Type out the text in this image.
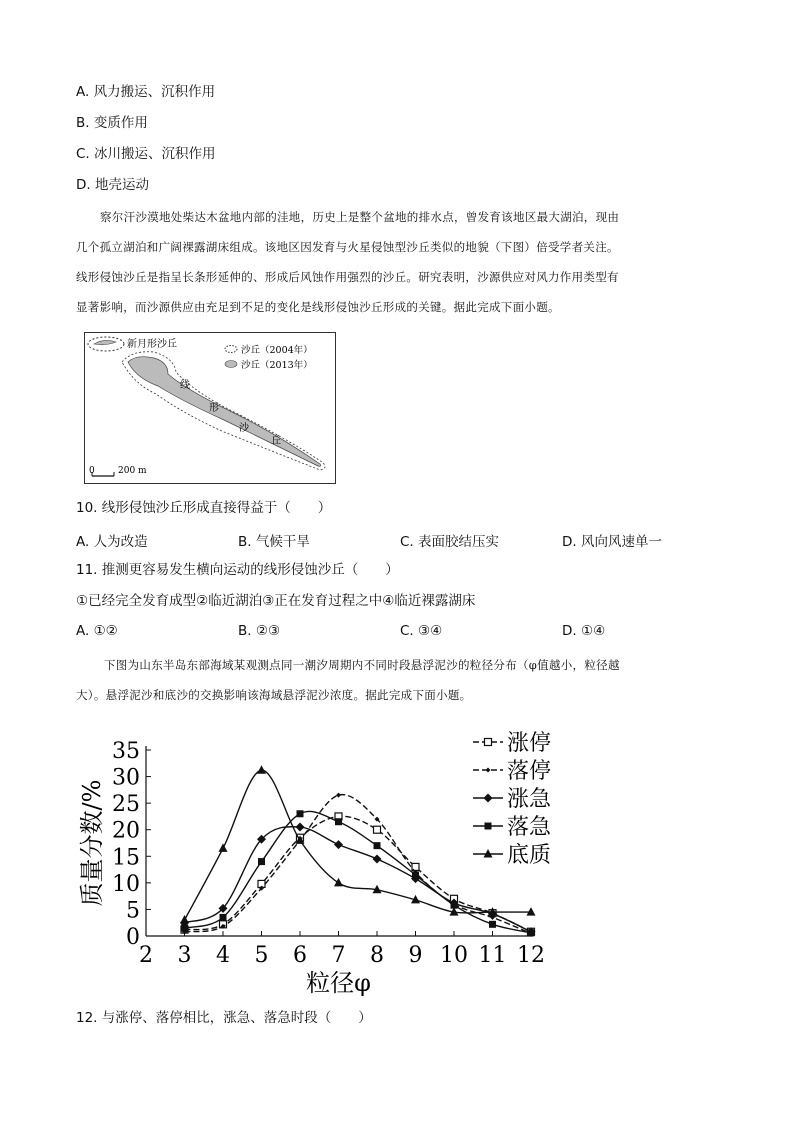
A. 风力搬运、沉积作用
B. 变质作用
C. 冰川搬运、沉积作用
D. 地壳运动
察尔汗沙漠地处柴达木盆地内部的洼地，历史上是整个盆地的排水点，曾发育该地区最大湖泊，现由
几个孤立湖泊和广阔裸露湖床组成。该地区因发育与火星侵蚀型沙丘类似的地貌（下图）倍受学者关注。
线形侵蚀沙丘是指呈长条形延伸的、形成后风蚀作用强烈的沙丘。研究表明，沙源供应对风力作用类型有
显著影响，而沙源供应由充足到不足的变化是线形侵蚀沙丘形成的关键。据此完成下面小题。
新月形沙丘
沙丘（2004年）
沙丘（2013年）
线
形
沙
丘
0	200 m
10. 线形侵蚀沙丘形成直接得益于（　　）
A. 人为改造	B. 气候干旱	C. 表面胶结压实	D. 风向风速单一
11. 推测更容易发生横向运动的线形侵蚀沙丘（　　）
①已经完全发育成型②临近湖泊③正在发育过程之中④临近裸露湖床
A. ①②	B. ②③	C. ③④	D. ①④
下图为山东半岛东部海域某观测点同一潮汐周期内不同时段悬浮泥沙的粒径分布（φ值越小，粒径越
大）。悬浮泥沙和底沙的交换影响该海域悬浮泥沙浓度。据此完成下面小题。
0
5
10
15
20
25
30
35
2 3 4 5 6 7 8 9 10 11 12
粒径φ
质量分数/%
涨停
落停
涨急
落急
底质
12. 与涨停、落停相比，涨急、落急时段（　　）
